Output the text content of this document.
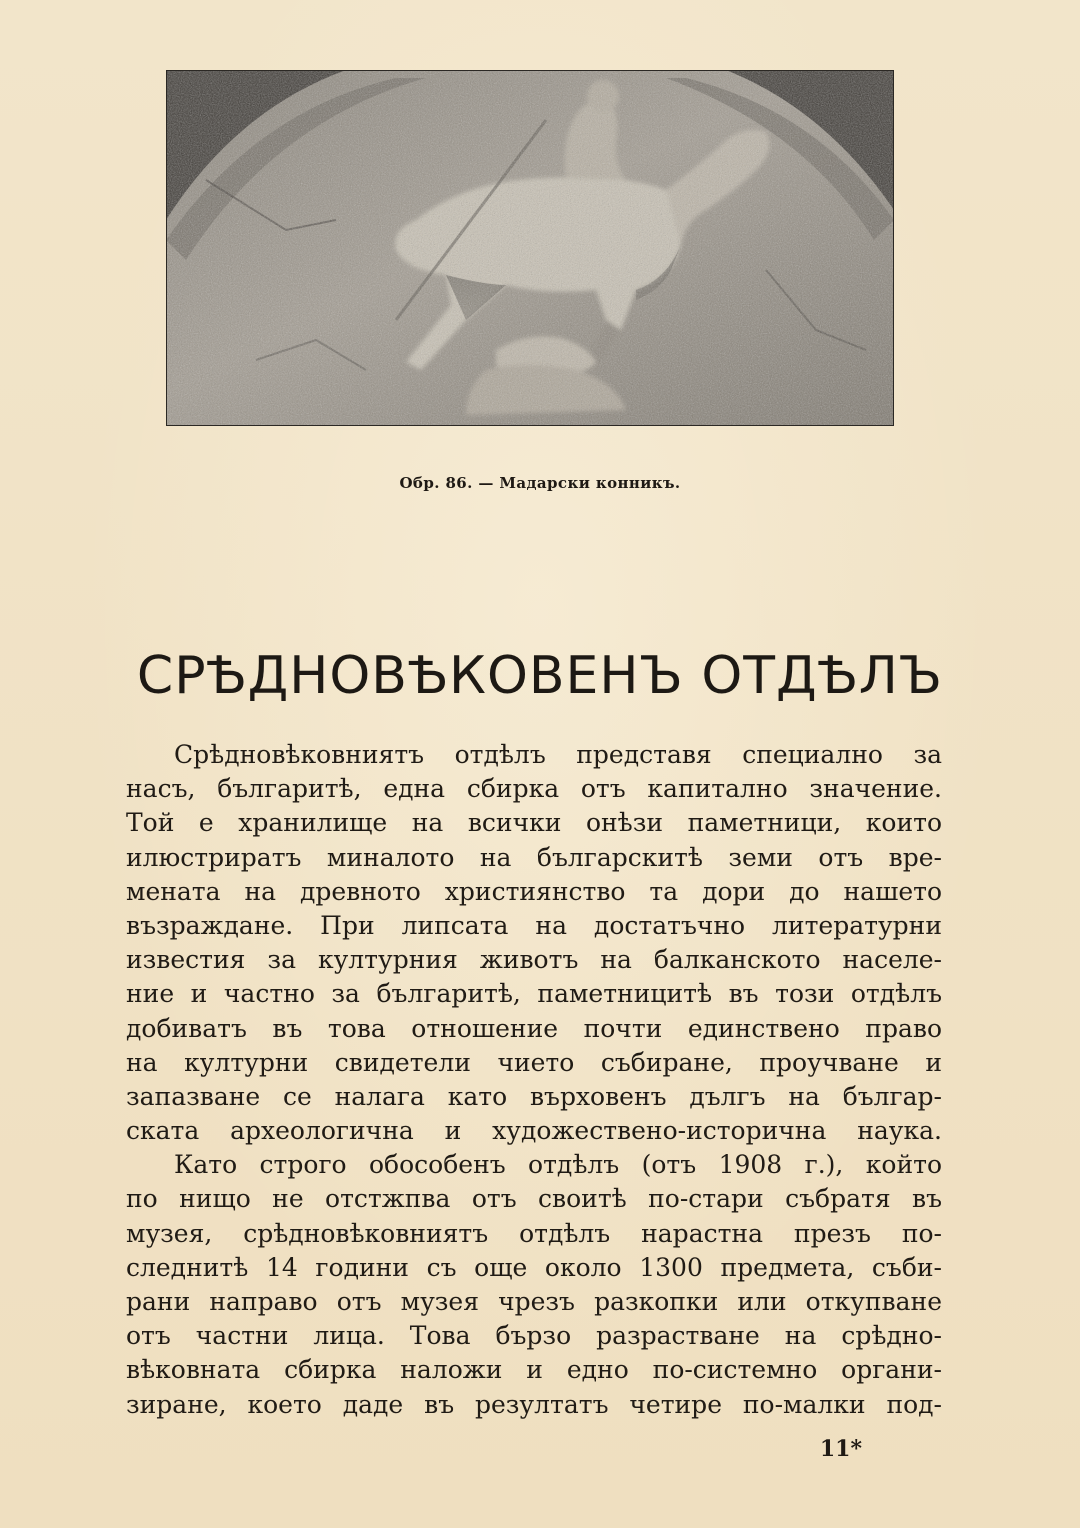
Обр. 86. — Мадарски конникъ.
СРѢДНОВѢКОВЕНЪ ОТДѢЛЪ
Срѣдновѣковниятъ отдѣлъ представя специално за
насъ, българитѣ, една сбирка отъ капитално значение.
Той е хранилище на всички онѣзи паметници, които
илюстриратъ миналото на българскитѣ земи отъ вре-
мената на древното християнство та дори до нашето
възраждане. При липсата на достатъчно литературни
известия за културния животъ на балканското населе-
ние и частно за българитѣ, паметницитѣ въ този отдѣлъ
добиватъ въ това отношение почти единствено право
на културни свидетели чието събиране, проучване и
запазване се налага като върховенъ дългъ на българ-
ската археологична и художествено-исторична наука.
Като строго обособенъ отдѣлъ (отъ 1908 г.), който
по нищо не отстжпва отъ своитѣ по-стари събратя въ
музея, срѣдновѣковниятъ отдѣлъ нарастна презъ по-
следнитѣ 14 години съ още около 1300 предмета, съби-
рани направо отъ музея чрезъ разкопки или откупване
отъ частни лица. Това бързо разрастване на срѣдно-
вѣковната сбирка наложи и едно по-системно органи-
зиране, което даде въ резултатъ четире по-малки под-
11*
